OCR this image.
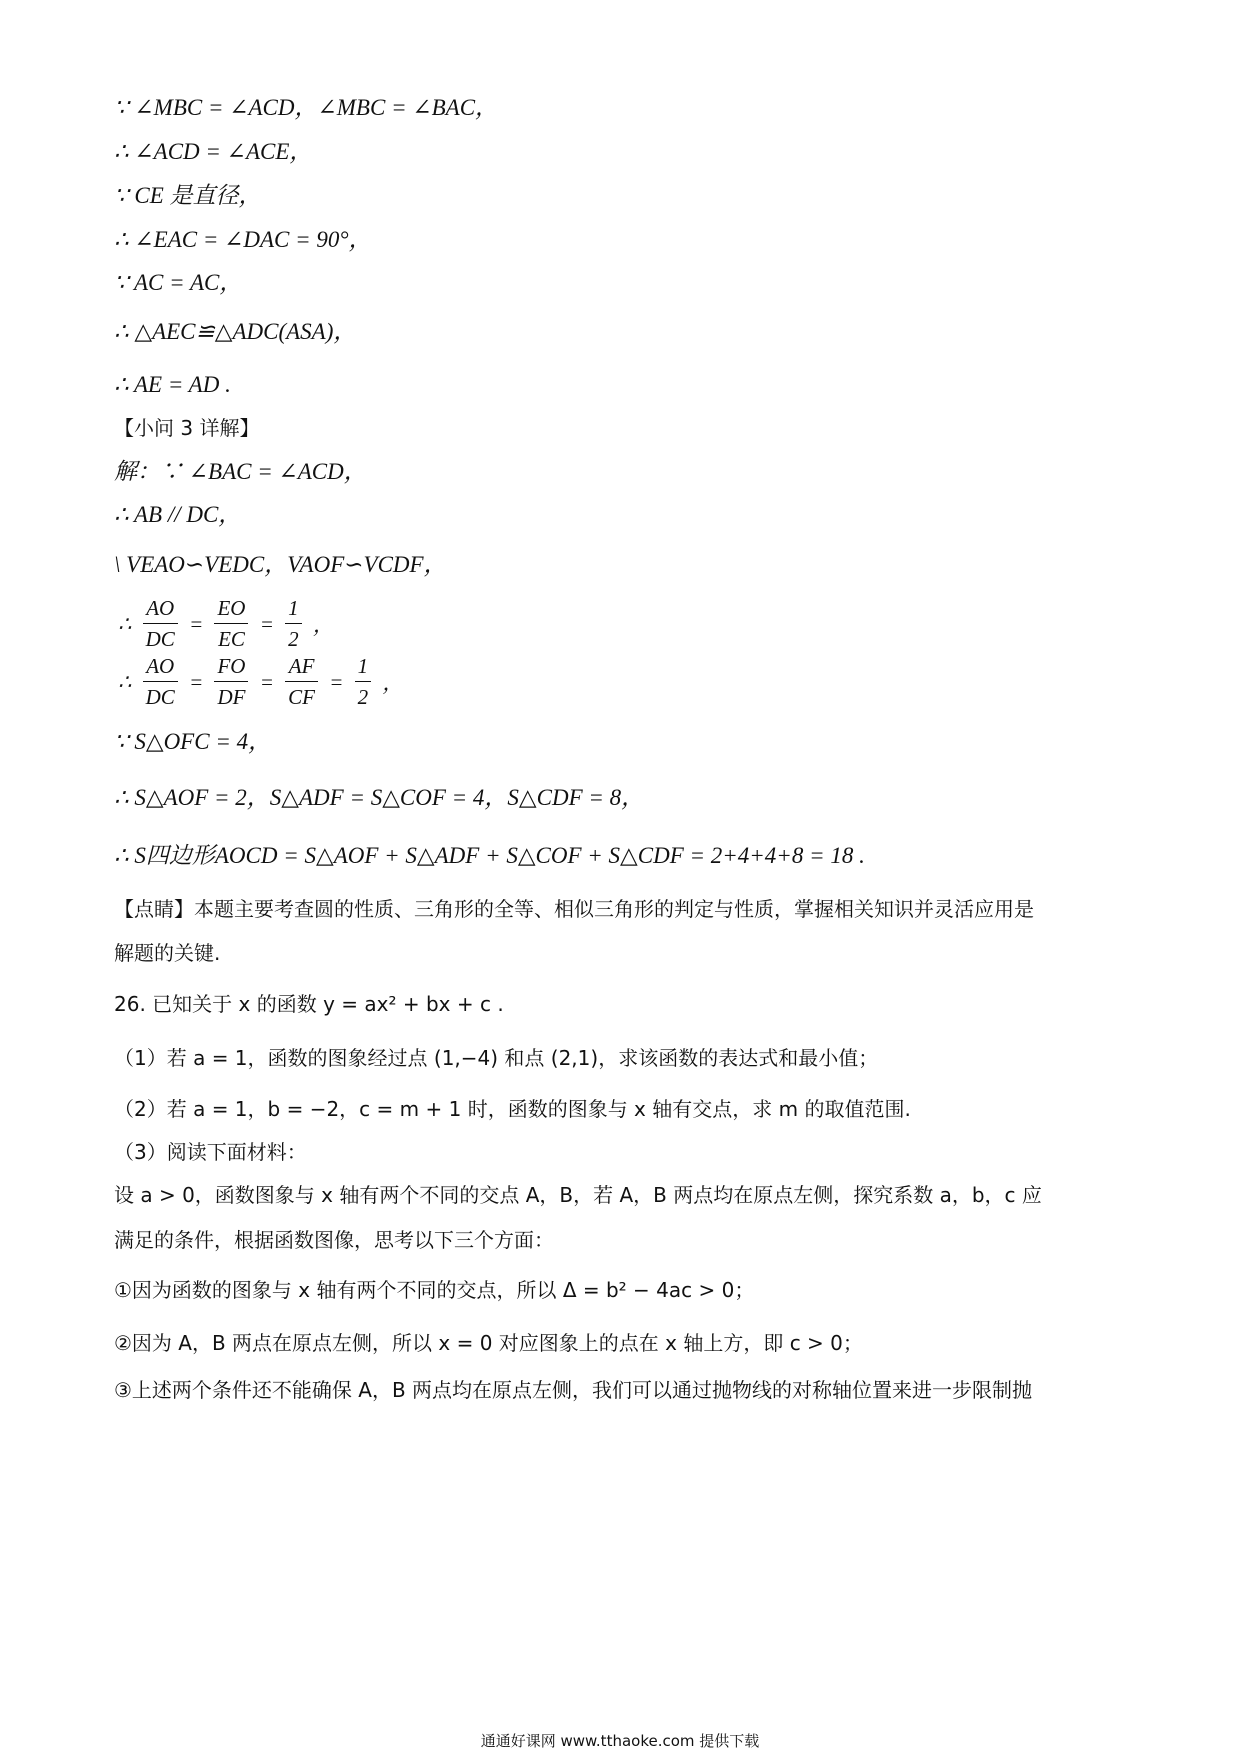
∵ ∠MBC = ∠ACD，∠MBC = ∠BAC，
∴ ∠ACD = ∠ACE，
∵ CE 是直径，
∴ ∠EAC = ∠DAC = 90°，
∵ AC = AC，
∴ △AEC≌△ADC(ASA)，
∴ AE = AD .
【小问 3 详解】
解：∵ ∠BAC = ∠ACD，
∴ AB // DC，
\ VEAO∽VEDC，VAOF∽VCDF，
∴ $\frac{AO}{DC} = \frac{EO}{EC} = \frac{1}{2}$ ，
∴ $\frac{AO}{DC} = \frac{FO}{DF} = \frac{AF}{CF} = \frac{1}{2}$ ，
∵ S△OFC = 4，
∴ S△AOF = 2，S△ADF = S△COF = 4，S△CDF = 8，
∴ S四边形AOCD = S△AOF + S△ADF + S△COF + S△CDF = 2+4+4+8 = 18 .
【点睛】本题主要考查圆的性质、三角形的全等、相似三角形的判定与性质，掌握相关知识并灵活应用是
解题的关键.
26. 已知关于 x 的函数 y = ax² + bx + c .
（1）若 a = 1，函数的图象经过点 (1,−4) 和点 (2,1)，求该函数的表达式和最小值；
（2）若 a = 1，b = −2，c = m + 1 时，函数的图象与 x 轴有交点，求 m 的取值范围.
（3）阅读下面材料：
设 a > 0，函数图象与 x 轴有两个不同的交点 A，B，若 A，B 两点均在原点左侧，探究系数 a，b，c 应
满足的条件，根据函数图像，思考以下三个方面：
①因为函数的图象与 x 轴有两个不同的交点，所以 Δ = b² − 4ac > 0；
②因为 A，B 两点在原点左侧，所以 x = 0 对应图象上的点在 x 轴上方，即 c > 0；
③上述两个条件还不能确保 A，B 两点均在原点左侧，我们可以通过抛物线的对称轴位置来进一步限制抛
通通好课网 www.tthaoke.com 提供下载
